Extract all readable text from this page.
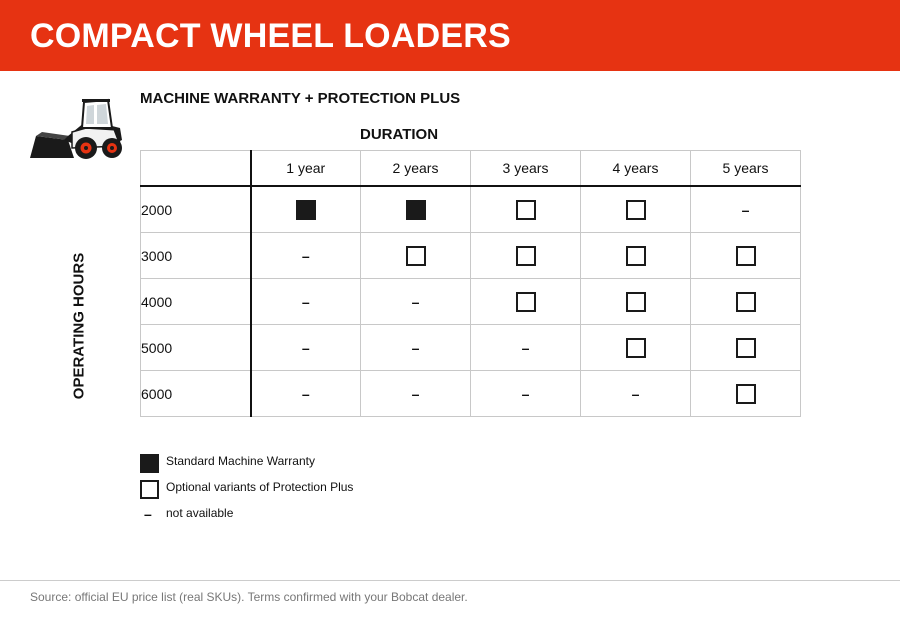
COMPACT WHEEL LOADERS
MACHINE WARRANTY + PROTECTION PLUS
DURATION
OPERATING HOURS
	1 year	2 years	3 years	4 years	5 years
2000					–
3000	–				
4000	–	–			
5000	–	–	–		
6000	–	–	–	–	
Standard Machine Warranty
Optional variants of Protection Plus
– not available
Source: official EU price list (real SKUs). Terms confirmed with your Bobcat dealer.
